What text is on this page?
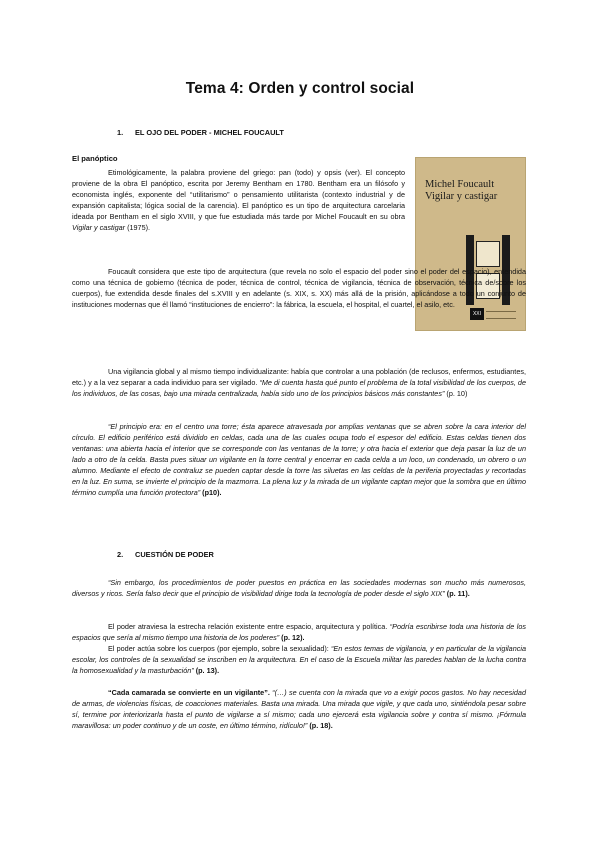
Tema 4: Orden y control social

1. EL OJO DEL PODER - MICHEL FOUCAULT

El panóptico

Michel Foucault
Vigilar y castigar
XXI

Etimológicamente, la palabra proviene del griego: pan (todo) y opsis (ver). El concepto proviene de la obra El panóptico, escrita por Jeremy Bentham en 1780. Bentham era un filósofo y economista inglés, exponente del “utilitarismo” o pensamiento utilitarista (contexto industrial y de expansión capitalista; lógica social de la carencia). El panóptico es un tipo de arquitectura carcelaria ideada por Bentham en el siglo XVIII, y que fue estudiada más tarde por Michel Foucault en su obra Vigilar y castigar (1975).

Foucault considera que este tipo de arquitectura (que revela no solo el espacio del poder sino el poder del espacio), entendida como una técnica de gobierno (técnica de poder, técnica de control, técnica de vigilancia, técnica de observación, técnica de/sobre los cuerpos), fue extendida desde finales del s.XVIII y en adelante (s. XIX, s. XX) más allá de la prisión, aplicándose a todo un conjunto de instituciones modernas que él llamó “instituciones de encierro”: la fábrica, la escuela, el hospital, el cuartel, el asilo, etc.

Una vigilancia global y al mismo tiempo individualizante: había que controlar a una población (de reclusos, enfermos, estudiantes, etc.) y a la vez separar a cada individuo para ser vigilado. “Me di cuenta hasta qué punto el problema de la total visibilidad de los cuerpos, de los individuos, de las cosas, bajo una mirada centralizada, había sido uno de los principios básicos más constantes” (p. 10)

“El principio era: en el centro una torre; ésta aparece atravesada por amplias ventanas que se abren sobre la cara interior del círculo. El edificio periférico está dividido en celdas, cada una de las cuales ocupa todo el espesor del edificio. Estas celdas tienen dos ventanas: una abierta hacia el interior que se corresponde con las ventanas de la torre; y otra hacia el exterior que deja pasar la luz de un lado a otro de la celda. Basta pues situar un vigilante en la torre central y encerrar en cada celda a un loco, un condenado, un obrero o un alumno. Mediante el efecto de contraluz se pueden captar desde la torre las siluetas en las celdas de la periferia proyectadas y recortadas en la luz. En suma, se invierte el principio de la mazmorra. La plena luz y la mirada de un vigilante captan mejor que la sombra que en último término cumplía una función protectora” (p10).

2. CUESTIÓN DE PODER

“Sin embargo, los procedimientos de poder puestos en práctica en las sociedades modernas son mucho más numerosos, diversos y ricos. Sería falso decir que el principio de visibilidad dirige toda la tecnología de poder desde el siglo XIX” (p. 11).

El poder atraviesa la estrecha relación existente entre espacio, arquitectura y política. “Podría escribirse toda una historia de los espacios que sería al mismo tiempo una historia de los poderes” (p. 12).

El poder actúa sobre los cuerpos (por ejemplo, sobre la sexualidad): “En estos temas de vigilancia, y en particular de la vigilancia escolar, los controles de la sexualidad se inscriben en la arquitectura. En el caso de la Escuela militar las paredes hablan de la lucha contra la homosexualidad y la masturbación” (p. 13).

“Cada camarada se convierte en un vigilante”. “(…) se cuenta con la mirada que vo a exigir pocos gastos. No hay necesidad de armas, de violencias físicas, de coacciones materiales. Basta una mirada. Una mirada que vigile, y que cada uno, sintiéndola pesar sobre sí, termine por interiorizarla hasta el punto de vigilarse a sí mismo; cada uno ejercerá esta vigilancia sobre y contra sí mismo. ¡Fórmula maravillosa: un poder continuo y de un coste, en último término, ridículo!” (p. 18).
